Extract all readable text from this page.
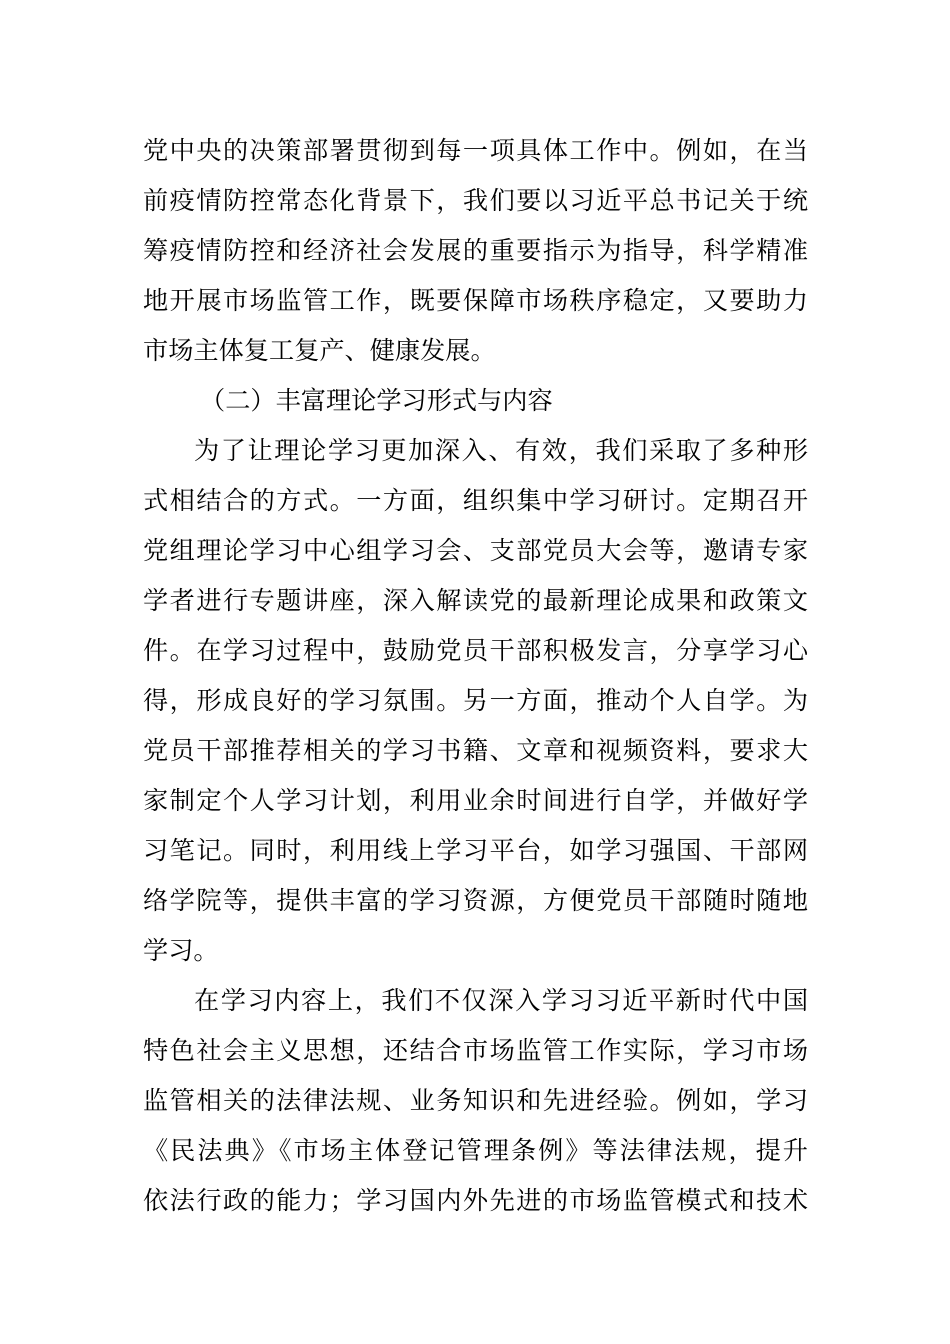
党中央的决策部署贯彻到每一项具体工作中。例如，在当
前疫情防控常态化背景下，我们要以习近平总书记关于统
筹疫情防控和经济社会发展的重要指示为指导，科学精准
地开展市场监管工作，既要保障市场秩序稳定，又要助力
市场主体复工复产、健康发展。
（二）丰富理论学习形式与内容
为了让理论学习更加深入、有效，我们采取了多种形
式相结合的方式。一方面，组织集中学习研讨。定期召开
党组理论学习中心组学习会、支部党员大会等，邀请专家
学者进行专题讲座，深入解读党的最新理论成果和政策文
件。在学习过程中，鼓励党员干部积极发言，分享学习心
得，形成良好的学习氛围。另一方面，推动个人自学。为
党员干部推荐相关的学习书籍、文章和视频资料，要求大
家制定个人学习计划，利用业余时间进行自学，并做好学
习笔记。同时，利用线上学习平台，如学习强国、干部网
络学院等，提供丰富的学习资源，方便党员干部随时随地
学习。
在学习内容上，我们不仅深入学习习近平新时代中国
特色社会主义思想，还结合市场监管工作实际，学习市场
监管相关的法律法规、业务知识和先进经验。例如，学习
《民法典》《市场主体登记管理条例》等法律法规，提升
依法行政的能力；学习国内外先进的市场监管模式和技术
